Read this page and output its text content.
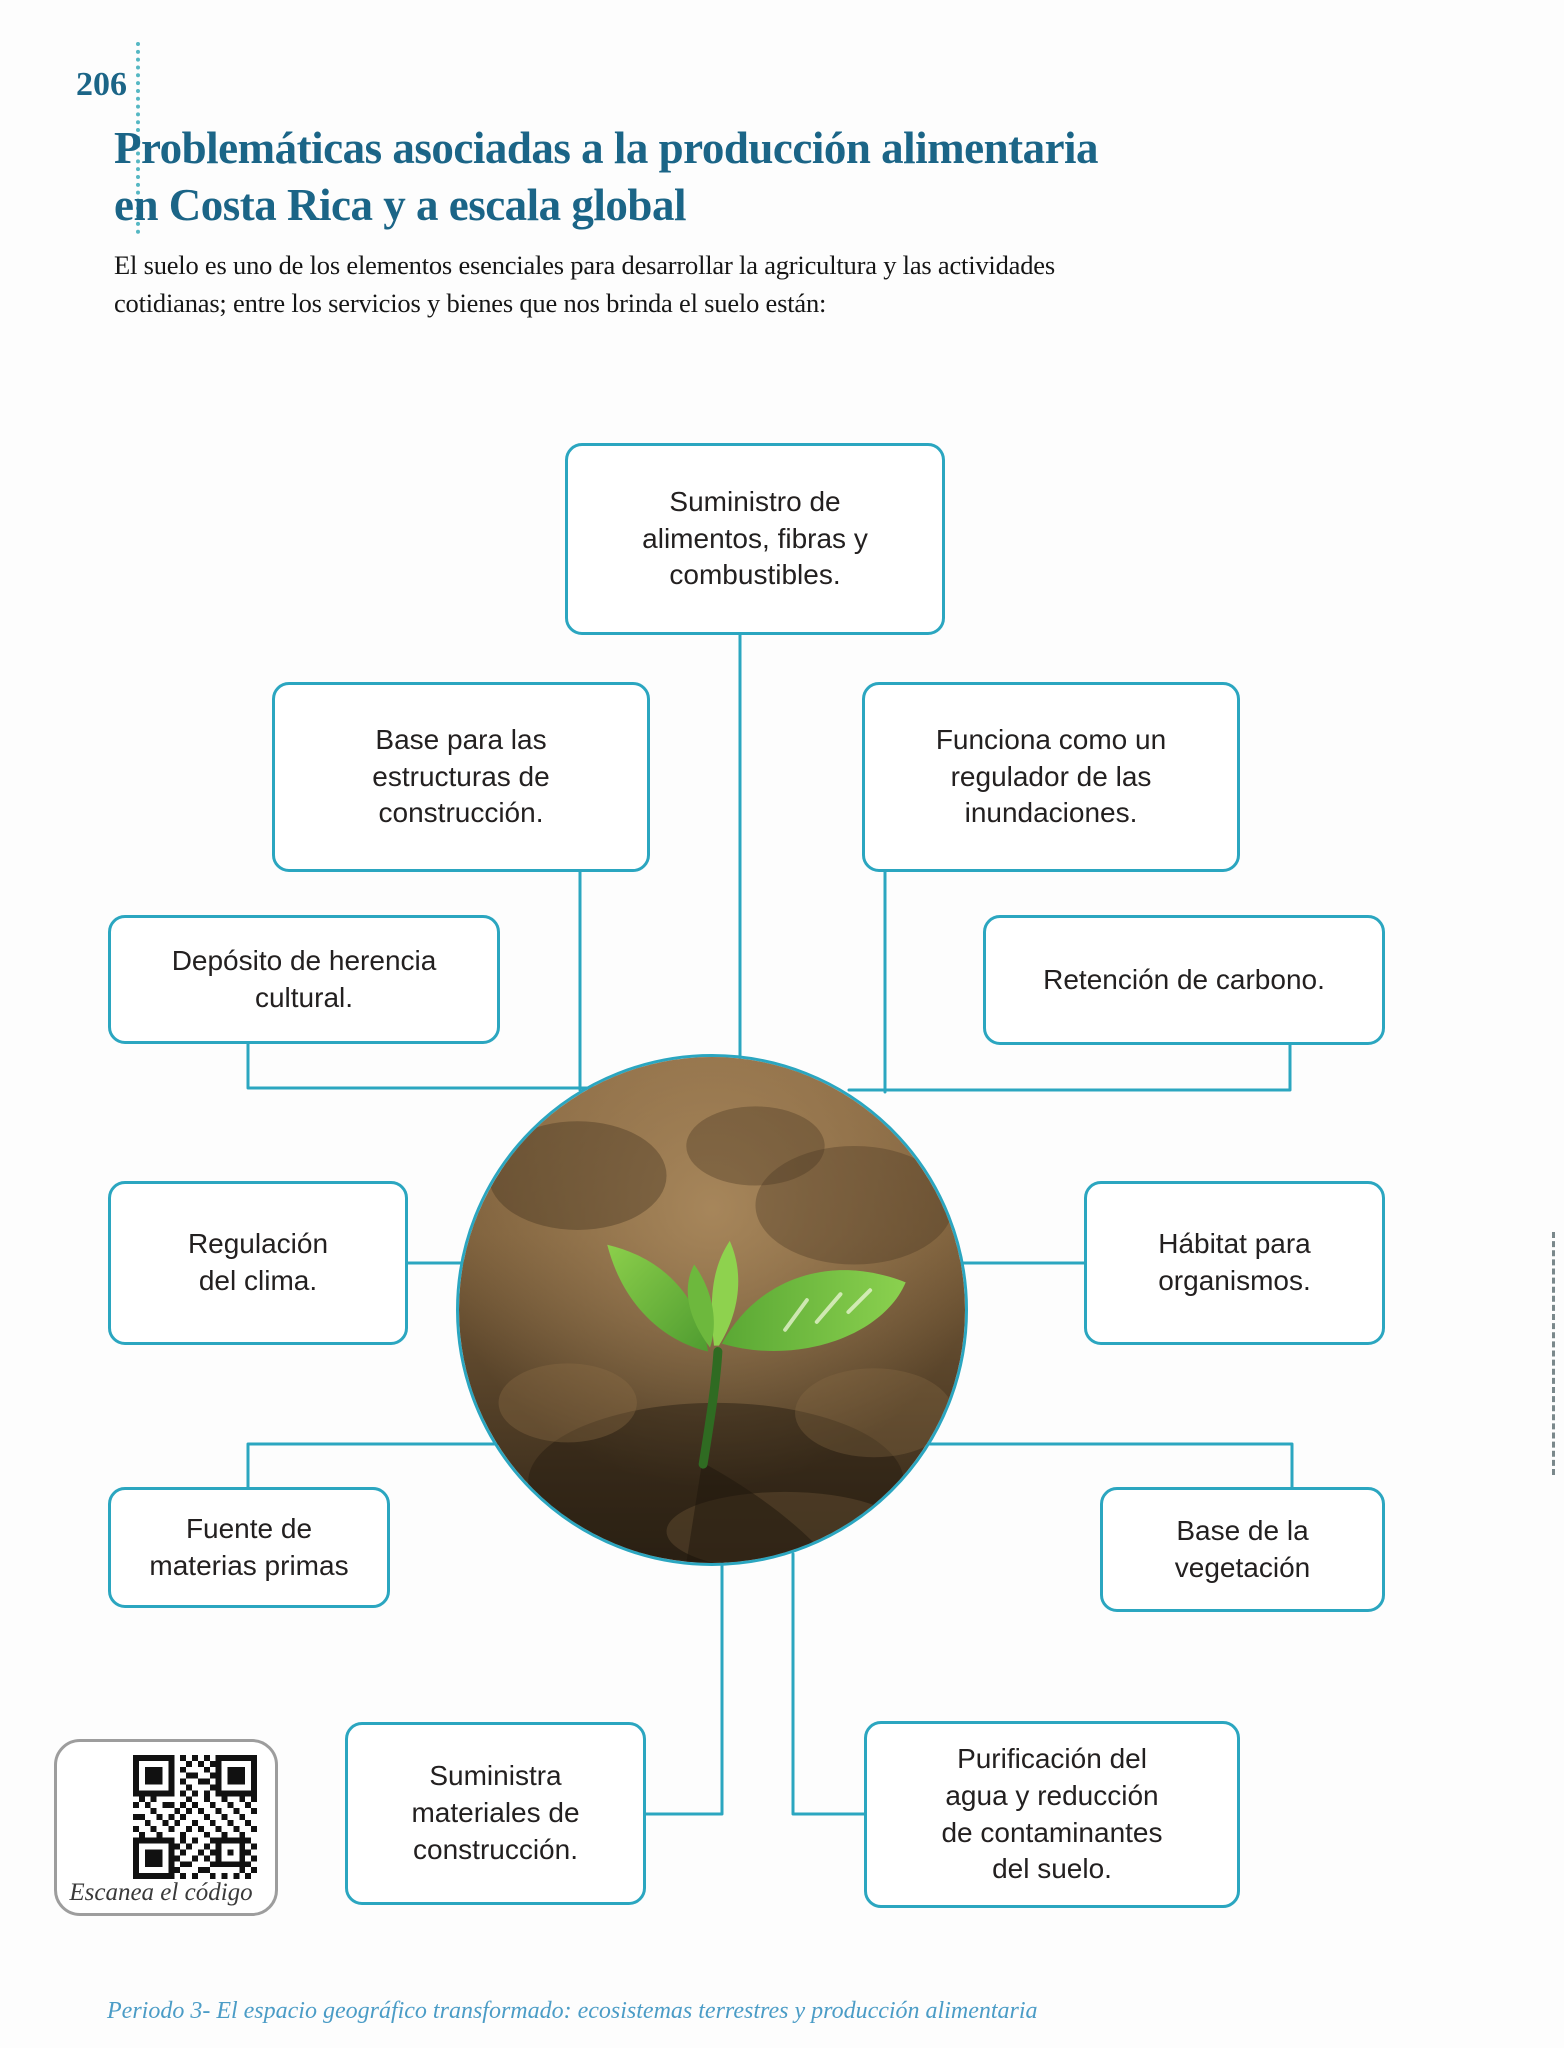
206
Problemáticas asociadas a la producción alimentaria en Costa Rica y a escala global

El suelo es uno de los elementos esenciales para desarrollar la agricultura y las actividades cotidianas; entre los servicios y bienes que nos brinda el suelo están:

Suministro de alimentos, fibras y combustibles.
Base para las estructuras de construcción.
Funciona como un regulador de las inundaciones.
Depósito de herencia cultural.
Retención de carbono.
Regulación del clima.
Hábitat para organismos.
Fuente de materias primas
Base de la vegetación
Suministra materiales de construcción.
Purificación del agua y reducción de contaminantes del suelo.
Escanea el código
Periodo 3- El espacio geográfico transformado: ecosistemas terrestres y producción alimentaria
